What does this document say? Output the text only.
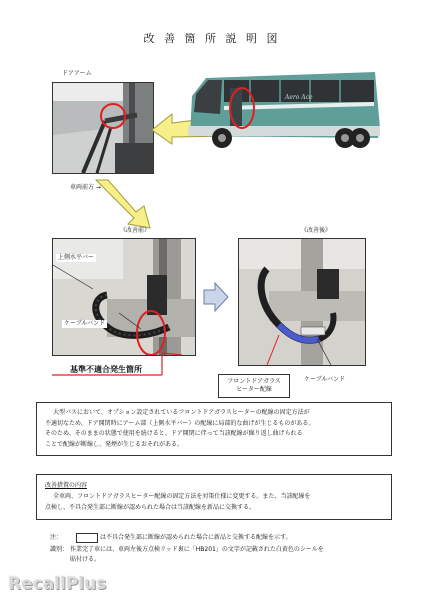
改 善 箇 所 説 明 図
ドアアーム
車両前方 →
Aero Ace
《改善前》	《改善後》
上側水平バー
ケーブルバンド
基準不適合発生箇所
フロントドアガラス
ヒーター配線
ケーブルバンド

大型バスにおいて、オプション設定されているフロントドアガラスヒーターの配線の固定方法が

不適切なため、ドア開閉時にアーム部（上側水平バー）の配線に局部的な曲げが生じるものがある。

そのため、そのままの状態で使用を続けると、ドア開閉に伴って当該配線が繰り返し曲げられる

ことで配線が断線し、発煙が生じるおそれがある。

改善措置の内容

全車両、フロントドアガラスヒーター配線の固定方法を対策仕様に変更する。また、当該配線を

点検し、不具合発生部に断線が認められた場合は当該配線を新品に交換する。

注：	は不具合発生部に断線が認められた場合に新品と交換する配線を示す。
識別： 作業完了車には、車両左後方点検リッド裏に「HB201」の文字が記載された白黄色のシールを
貼付ける。
RecallPlus
